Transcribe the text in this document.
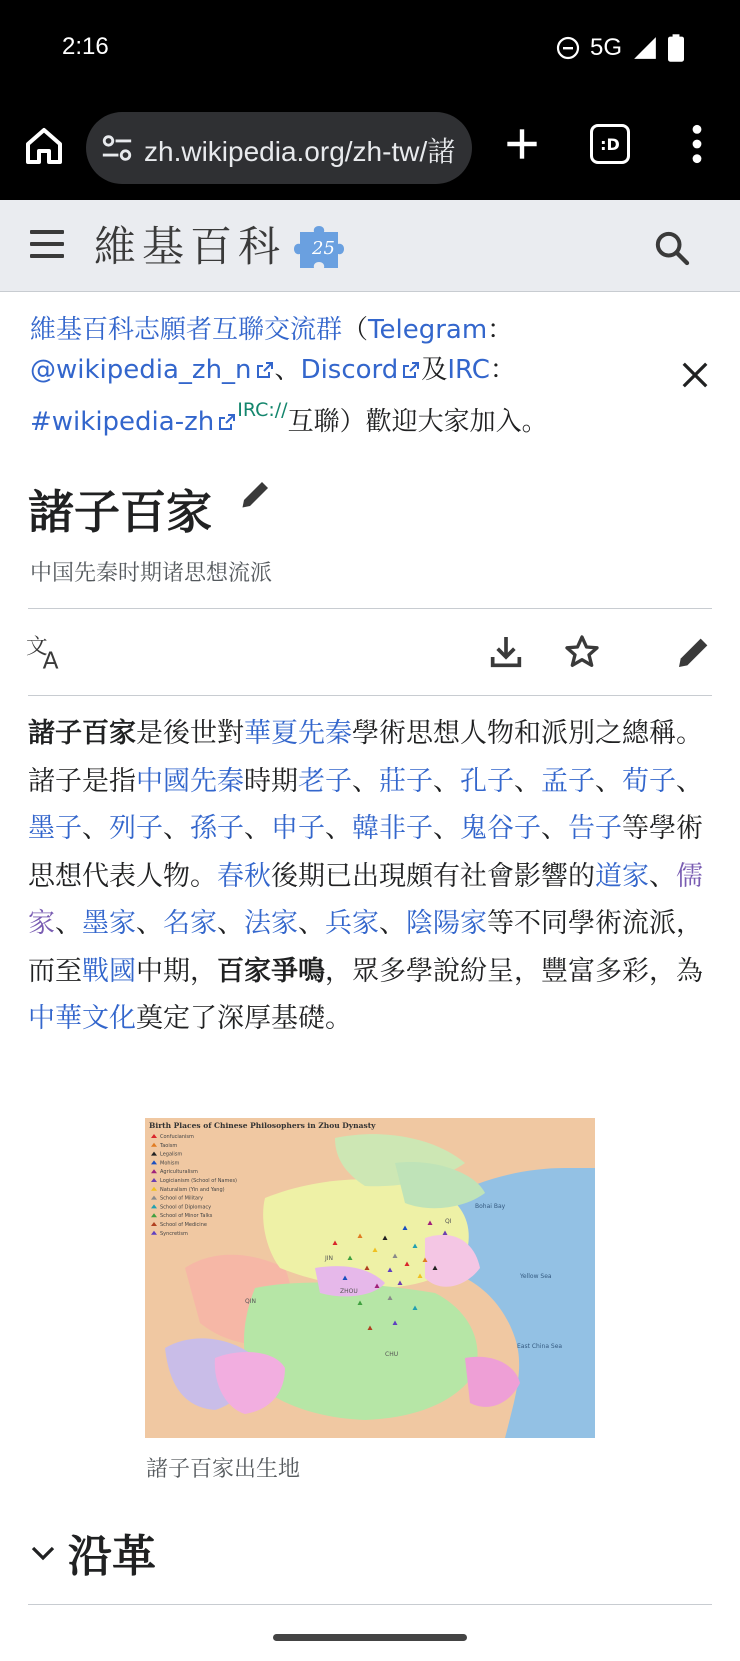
2:16	5G
zh.wikipedia.org/zh-tw/諸	:D
維基百科 25
維基百科志願者互聯交流群（Telegram：
@wikipedia_zh_n 、Discord 及IRC：
#wikipedia-zh $^{IRC://}$互聯）歡迎大家加入。
諸子百家
中国先秦时期诸思想流派
文
A

諸子百家是後世對華夏先秦學術思想人物和派別之總稱。諸子是指中國先秦時期老子、莊子、孔子、孟子、荀子、墨子、列子、孫子、申子、韓非子、鬼谷子、告子等學術思想代表人物。春秋後期已出現頗有社會影響的道家、儒家、墨家、名家、法家、兵家、陰陽家等不同學術流派，而至戰國中期，百家爭鳴，眾多學說紛呈，豐富多彩，為中華文化奠定了深厚基礎。

Birth Places of Chinese Philosophers in Zhou Dynasty
Confucianism
Taoism
Legalism
Mohism
Agriculturalism
Logicianism (School of Names)
Naturalism (Yin and Yang)
School of Military
School of Diplomacy
School of Minor Talks
School of Medicine
Syncretism
QIN
JIN
ZHOU
CHU
QI
Bohai Bay
Yellow Sea
East China Sea
諸子百家出生地
沿革
